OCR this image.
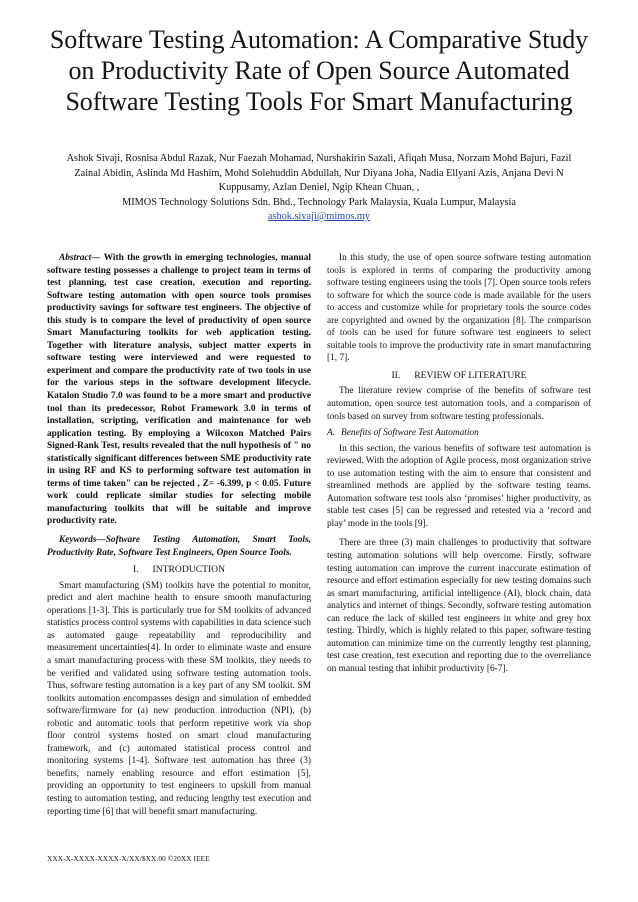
Software Testing Automation: A Comparative Study
on Productivity Rate of Open Source Automated
Software Testing Tools For Smart Manufacturing
Ashok Sivaji, Rosnisa Abdul Razak, Nur Faezah Mohamad, Nurshakirin Sazali, Afiqah Musa, Norzam Mohd Bajuri, Fazil
Zainal Abidin, Aslinda Md Hashim, Mohd Solehuddin Abdullah, Nur Diyana Joha, Nadia Ellyani Azis, Anjana Devi N
Kuppusamy, Azlan Deniel, Ngip Khean Chuan, ,
MIMOS Technology Solutions Sdn. Bhd., Technology Park Malaysia, Kuala Lumpur, Malaysia
ashok.sivaji@mimos.my

Abstract— With the growth in emerging technologies, manual software testing possesses a challenge to project team in terms of test planning, test case creation, execution and reporting. Software testing automation with open source tools promises productivity savings for software test engineers. The objective of this study is to compare the level of productivity of open source Smart Manufacturing toolkits for web application testing. Together with literature analysis, subject matter experts in software testing were interviewed and were requested to experiment and compare the productivity rate of two tools in use for the various steps in the software development lifecycle. Katalon Studio 7.0 was found to be a more smart and productive tool than its predecessor, Robot Framework 3.0 in terms of installation, scripting, verification and maintenance for web application testing. By employing a Wilcoxon Matched Pairs Signed-Rank Test, results revealed that the null hypothesis of " no statistically significant differences between SME productivity rate in using RF and KS to performing software test automation in terms of time taken" can be rejected , Z= -6.399, p < 0.05. Future work could replicate similar studies for selecting mobile manufacturing toolkits that will be suitable and improve productivity rate.

Keywords—Software Testing Automation, Smart Tools, Productivity Rate, Software Test Engineers, Open Source Tools.

I. INTRODUCTION

Smart manufacturing (SM) toolkits have the potential to monitor, predict and alert machine health to ensure smooth manufacturing operations [1-3]. This is particularly true for SM toolkits of advanced statistics process control systems with capabilities in data science such as automated gauge repeatability and reproducibility and measurement uncertainties[4]. In order to eliminate waste and ensure a smart manufacturing process with these SM toolkits, they needs to be verified and validated using software testing automation tools. Thus, software testing automation is a key part of any SM toolkit. SM toolkits automation encompasses design and simulation of embedded software/firmware for (a) new production introduction (NPI), (b) robotic and automatic tools that perform repetitive work via shop floor control systems hosted on smart cloud manufacturing framework, and (c) automated statistical process control and monitoring systems [1-4]. Software test automation has three (3) benefits, namely enabling resource and effort estimation [5], providing an opportunity to test engineers to upskill from manual testing to automation testing, and reducing lengthy test execution and reporting time [6] that will benefit smart manufacturing.

In this study, the use of open source software testing automation tools is explored in terms of comparing the productivity among software testing engineers using the tools [7]. Open source tools refers to software for which the source code is made available for the users to access and customize while for proprietary tools the source codes are copyrighted and owned by the organization [8]. The comparison of tools can be used for future software test engineers to select suitable tools to improve the productivity rate in smart manufacturing [1, 7].

II. REVIEW OF LITERATURE

The literature review comprise of the benefits of software test automation, open source test automation tools, and a comparison of tools based on survey from software testing professionals.

A. Benefits of Software Test Automation

In this section, the various benefits of software test automation is reviewed. With the adoption of Agile process, most organization strive to use automation testing with the aim to ensure that consistent and streamlined methods are applied by the software testing teams. Automation software test tools also ‘promises’ higher productivity, as stable test cases [5] can be regressed and retested via a ‘record and play’ mode in the tools [9].

There are three (3) main challenges to productivity that software testing automation solutions will help overcome. Firstly, software testing automation can improve the current inaccurate estimation of resource and effort estimation especially for new testing domains such as smart manufacturing, artificial intelligence (AI), block chain, data analytics and internet of things. Secondly, software testing automation can reduce the lack of skilled test engineers in white and grey box testing. Thirdly, which is highly related to this paper, software testing automation can minimize time on the currently lengthy test planning, test case creation, test execution and reporting due to the overreliance on manual testing that inhibit productivity [6-7].

XXX-X-XXXX-XXXX-X/XX/$XX.00 ©20XX IEEE
